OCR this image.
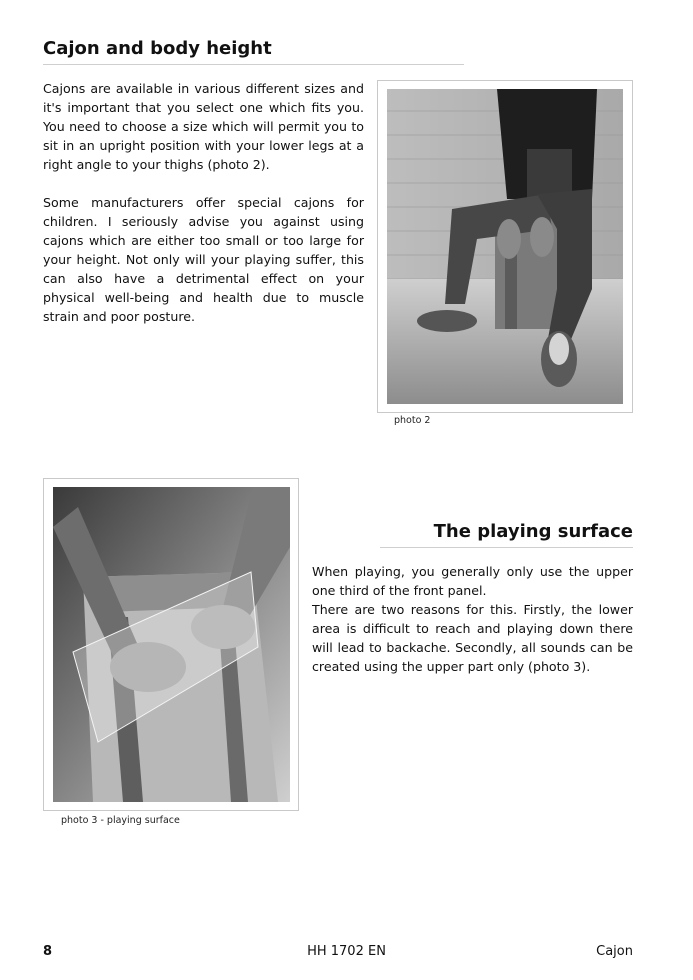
Cajon and body height

Cajons are available in various different sizes and it's important that you select one which fits you. You need to choose a size which will permit you to sit in an upright position with your lower legs at a right angle to your thighs (photo 2).

Some manufacturers offer special cajons for children. I seriously advise you against using cajons which are either too small or too large for your height. Not only will your playing suffer, this can also have a detrimental effect on your physical well-being and health due to muscle strain and poor posture.

photo 2
photo 3 - playing surface
The playing surface

When playing, you generally only use the upper one third of the front panel.

There are two reasons for this. Firstly, the lower area is difficult to reach and playing down there will lead to backache. Secondly, all sounds can be created using the upper part only (photo 3).

8	HH 1702 EN	Cajon
